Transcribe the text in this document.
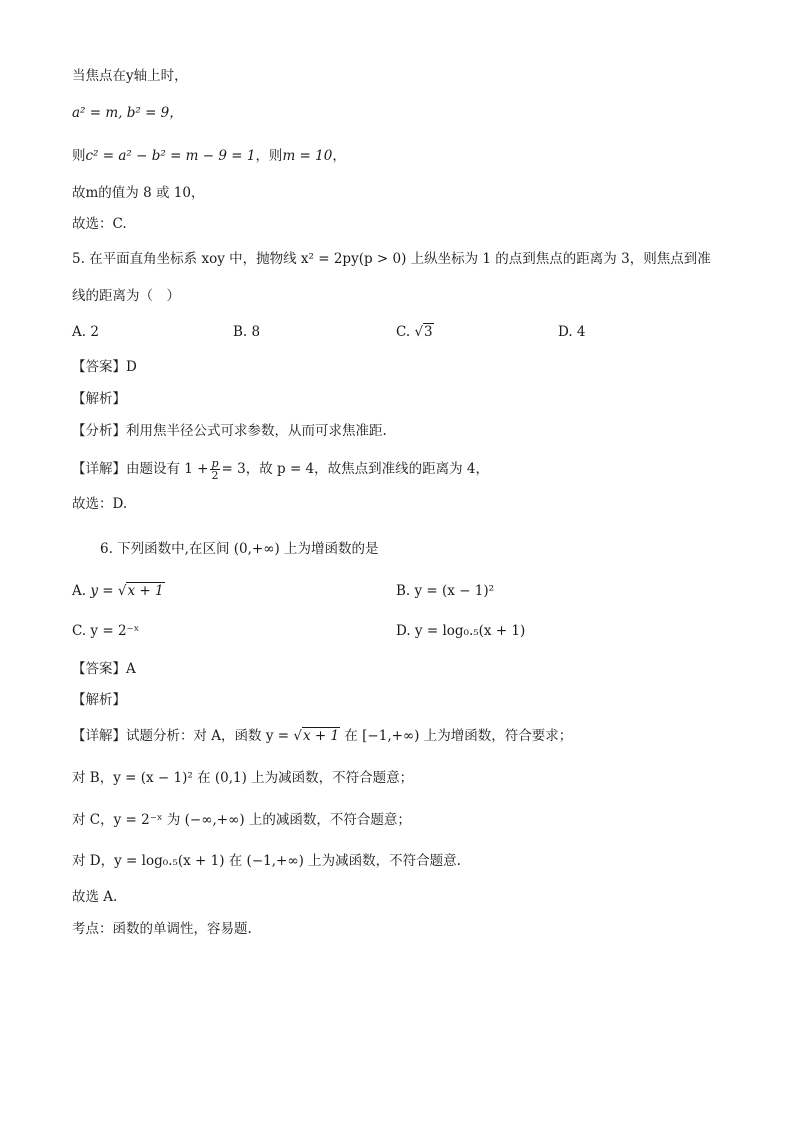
当焦点在y轴上时，
a² = m, b² = 9，
则c² = a² − b² = m − 9 = 1，则m = 10，
故m的值为 8 或 10，
故选：C.
5. 在平面直角坐标系 xoy 中，抛物线 x² = 2py(p > 0) 上纵坐标为 1 的点到焦点的距离为 3，则焦点到准
线的距离为（　）
A. 2	B. 8	C. √3	D. 4
【答案】D
【解析】
【分析】利用焦半径公式可求参数，从而可求焦准距.
【详解】由题设有 $1 + \frac{p}{2} = 3$，故 p = 4，故焦点到准线的距离为 4，
故选：D.
6. 下列函数中,在区间 (0,+∞) 上为增函数的是
A. y = √x + 1	B. y = (x − 1)²
C. y = 2⁻ˣ	D. y = log₀.₅(x + 1)
【答案】A
【解析】
【详解】试题分析：对 A，函数 y = √x + 1 在 [−1,+∞) 上为增函数，符合要求；
对 B，y = (x − 1)² 在 (0,1) 上为减函数，不符合题意；
对 C，y = 2⁻ˣ 为 (−∞,+∞) 上的减函数，不符合题意；
对 D，y = log₀.₅(x + 1) 在 (−1,+∞) 上为减函数，不符合题意.
故选 A.
考点：函数的单调性，容易题.
